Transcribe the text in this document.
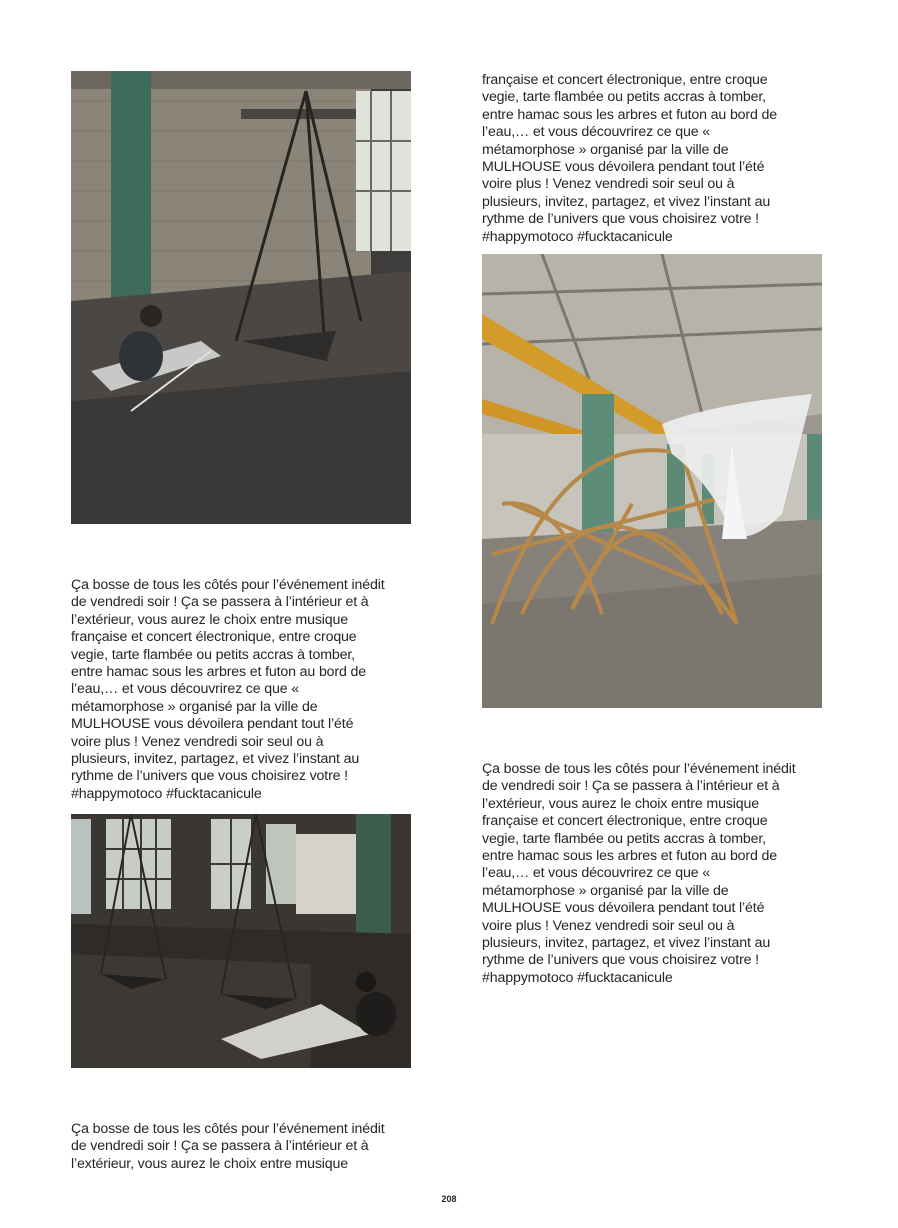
Ça bosse de tous les côtés pour l’événement inédit
de vendredi soir ! Ça se passera à l’intérieur et à
l’extérieur, vous aurez le choix entre musique
française et concert électronique, entre croque
vegie, tarte flambée ou petits accras à tomber,
entre hamac sous les arbres et futon au bord de
l’eau,… et vous découvrirez ce que «
métamorphose » organisé par la ville de
MULHOUSE vous dévoilera pendant tout l’été
voire plus ! Venez vendredi soir seul ou à
plusieurs, invitez, partagez, et vivez l’instant au
rythme de l’univers que vous choisirez votre !
#happymotoco #fucktacanicule
Ça bosse de tous les côtés pour l’événement inédit
de vendredi soir ! Ça se passera à l’intérieur et à
l’extérieur, vous aurez le choix entre musique
française et concert électronique, entre croque
vegie, tarte flambée ou petits accras à tomber,
entre hamac sous les arbres et futon au bord de
l’eau,… et vous découvrirez ce que «
métamorphose » organisé par la ville de
MULHOUSE vous dévoilera pendant tout l’été
voire plus ! Venez vendredi soir seul ou à
plusieurs, invitez, partagez, et vivez l’instant au
rythme de l’univers que vous choisirez votre !
#happymotoco #fucktacanicule
Ça bosse de tous les côtés pour l’événement inédit
de vendredi soir ! Ça se passera à l’intérieur et à
l’extérieur, vous aurez le choix entre musique
française et concert électronique, entre croque
vegie, tarte flambée ou petits accras à tomber,
entre hamac sous les arbres et futon au bord de
l’eau,… et vous découvrirez ce que «
métamorphose » organisé par la ville de
MULHOUSE vous dévoilera pendant tout l’été
voire plus ! Venez vendredi soir seul ou à
plusieurs, invitez, partagez, et vivez l’instant au
rythme de l’univers que vous choisirez votre !
#happymotoco #fucktacanicule
208
